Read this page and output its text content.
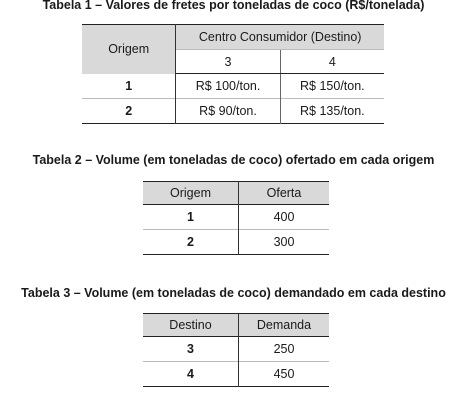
Tabela 1 – Valores de fretes por toneladas de coco (R$/tonelada)
Origem	Centro Consumidor (Destino)	
	3	4
1	R$ 100/ton.	R$ 150/ton.
2	R$ 90/ton.	R$ 135/ton.
Tabela 2 – Volume (em toneladas de coco) ofertado em cada origem
Origem	Oferta
1	400
2	300
Tabela 3 – Volume (em toneladas de coco) demandado em cada destino
Destino	Demanda
3	250
4	450
